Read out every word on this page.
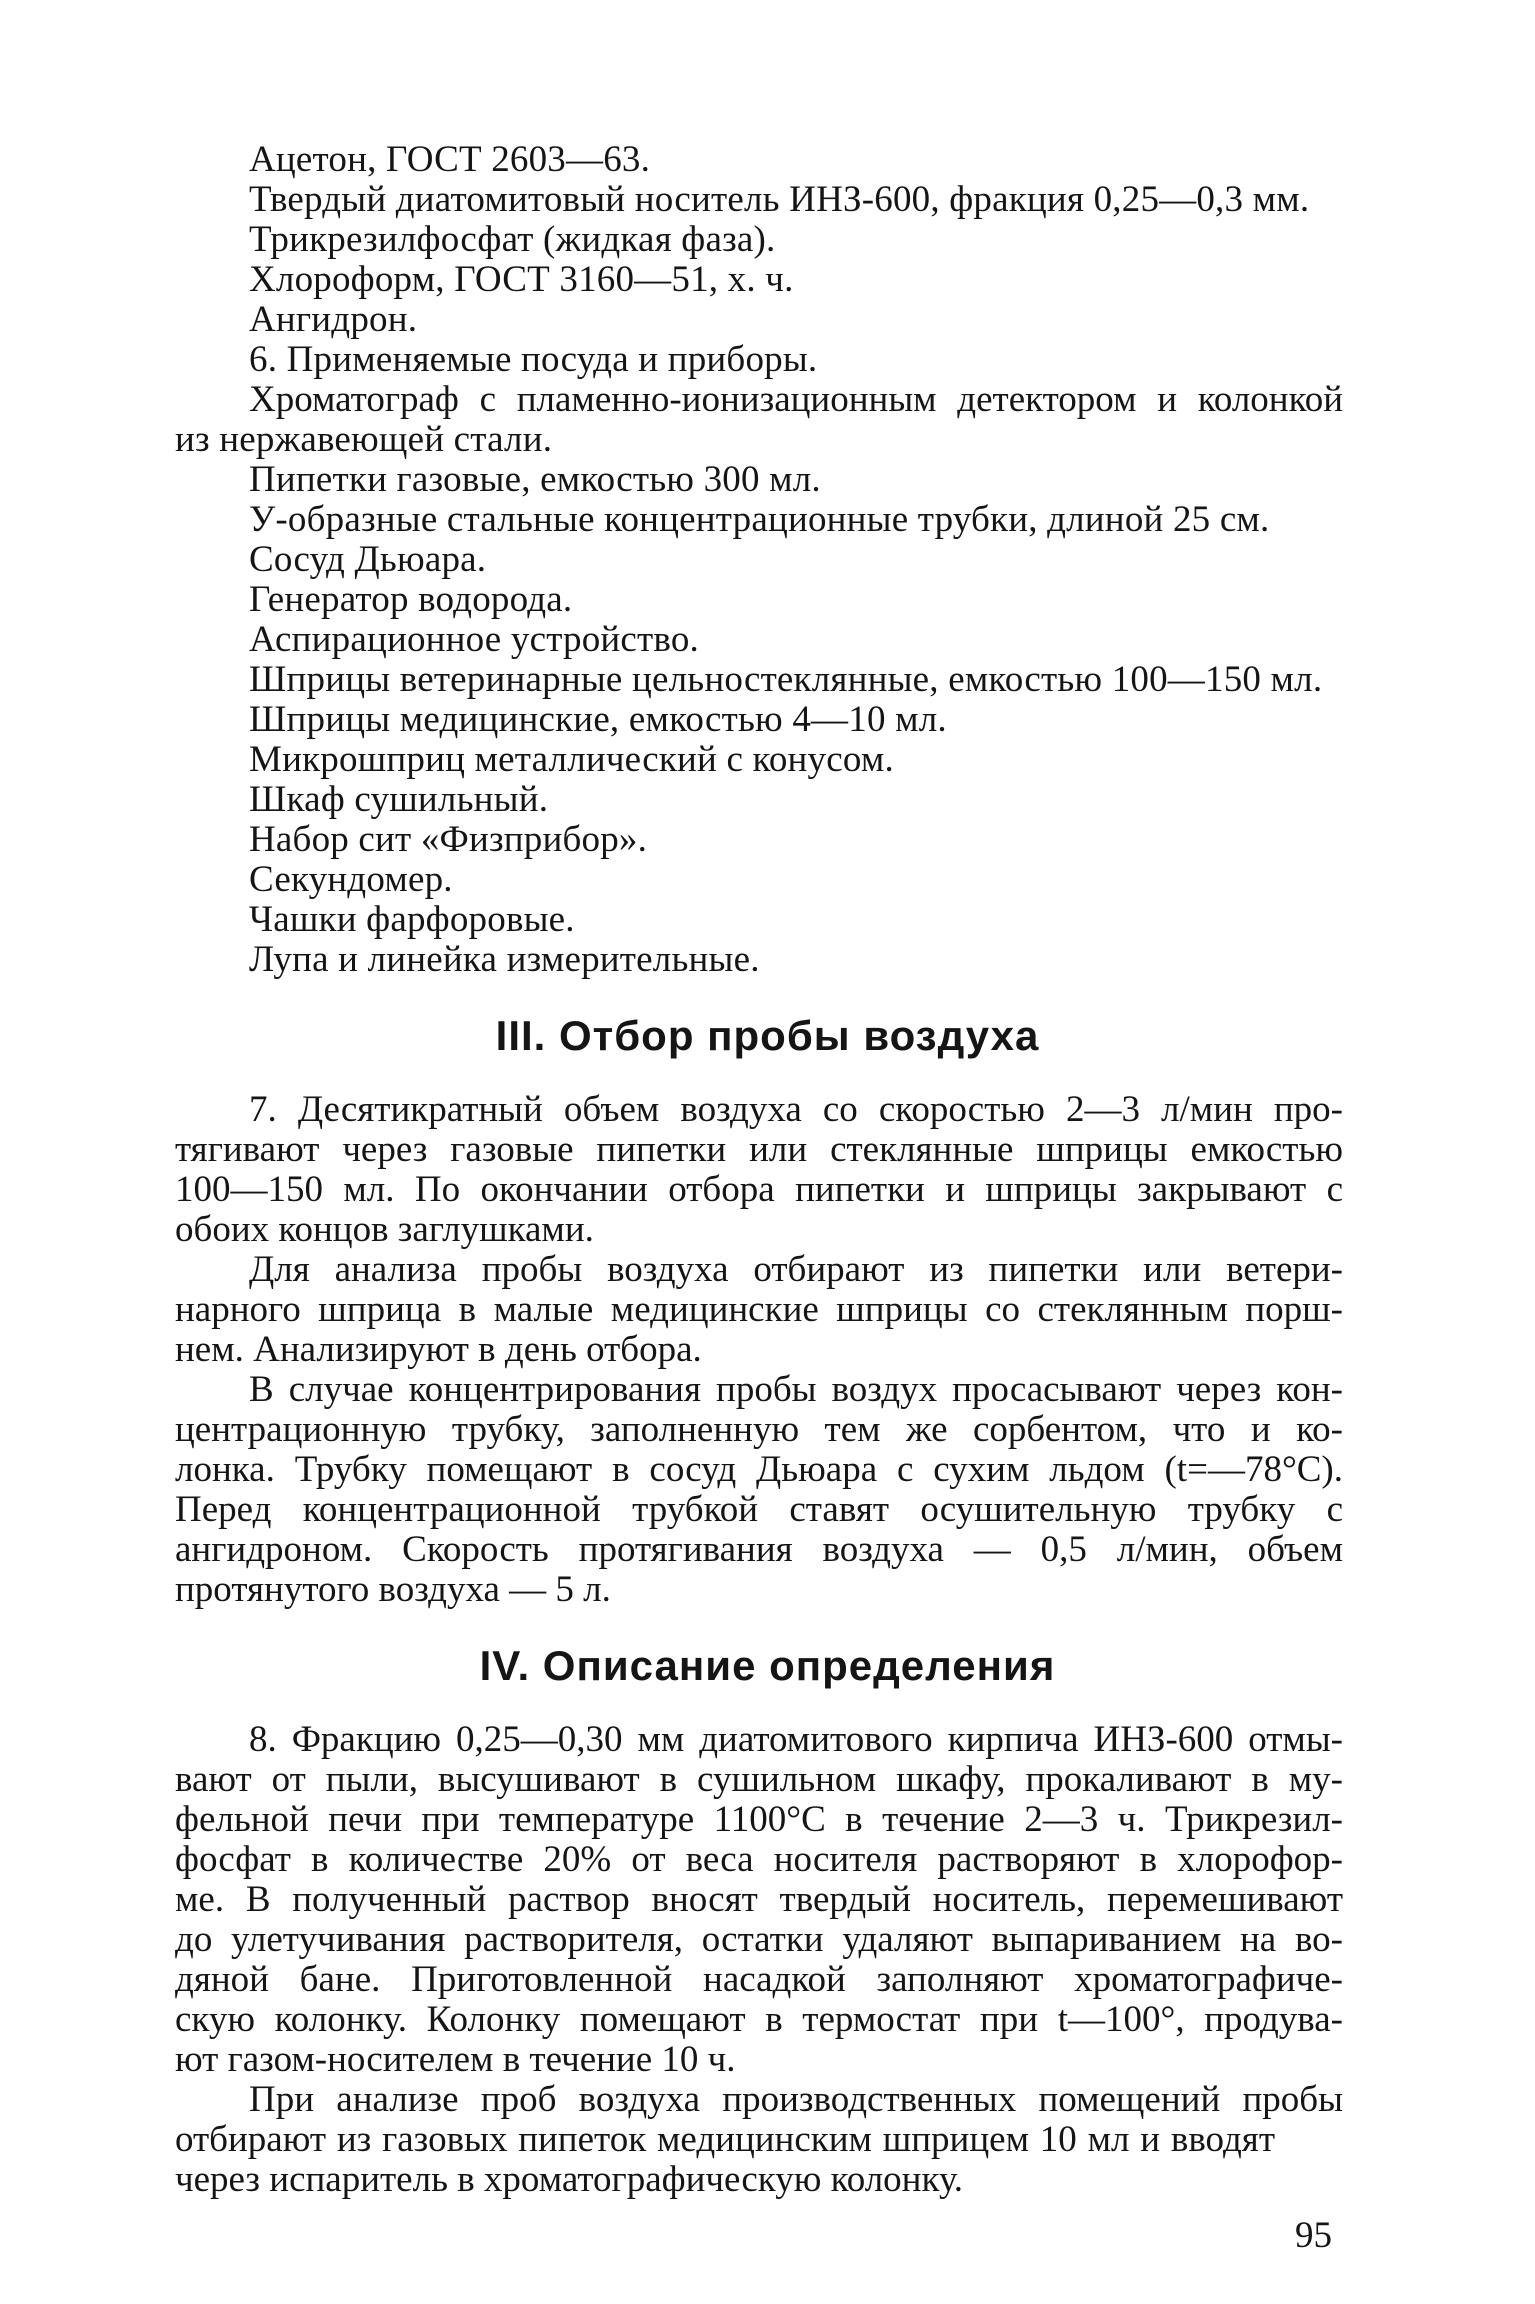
Ацетон, ГОСТ 2603—63.
Твердый диатомитовый носитель ИНЗ-600, фракция 0,25—0,3 мм.
Трикрезилфосфат (жидкая фаза).
Хлороформ, ГОСТ 3160—51, х. ч.
Ангидрон.
6. Применяемые посуда и приборы.
Хроматограф с пламенно-ионизационным детектором и колонкой
из нержавеющей стали.
Пипетки газовые, емкостью 300 мл.
У-образные стальные концентрационные трубки, длиной 25 см.
Сосуд Дьюара.
Генератор водорода.
Аспирационное устройство.
Шприцы ветеринарные цельностеклянные, емкостью 100—150 мл.
Шприцы медицинские, емкостью 4—10 мл.
Микрошприц металлический с конусом.
Шкаф сушильный.
Набор сит «Физприбор».
Секундомер.
Чашки фарфоровые.
Лупа и линейка измерительные.
III. Отбор пробы воздуха
7. Десятикратный объем воздуха со скоростью 2—3 л/мин про-
тягивают через газовые пипетки или стеклянные шприцы емкостью
100—150 мл. По окончании отбора пипетки и шприцы закрывают с
обоих концов заглушками.
Для анализа пробы воздуха отбирают из пипетки или ветери-
нарного шприца в малые медицинские шприцы со стеклянным порш-
нем. Анализируют в день отбора.
В случае концентрирования пробы воздух просасывают через кон-
центрационную трубку, заполненную тем же сорбентом, что и ко-
лонка. Трубку помещают в сосуд Дьюара с сухим льдом (t=—78°С).
Перед концентрационной трубкой ставят осушительную трубку с
ангидроном. Скорость протягивания воздуха — 0,5 л/мин, объем
протянутого воздуха — 5 л.
IV. Описание определения
8. Фракцию 0,25—0,30 мм диатомитового кирпича ИНЗ-600 отмы-
вают от пыли, высушивают в сушильном шкафу, прокаливают в му-
фельной печи при температуре 1100°С в течение 2—3 ч. Трикрезил-
фосфат в количестве 20% от веса носителя растворяют в хлорофор-
ме. В полученный раствор вносят твердый носитель, перемешивают
до улетучивания растворителя, остатки удаляют выпариванием на во-
дяной бане. Приготовленной насадкой заполняют хроматографиче-
скую колонку. Колонку помещают в термостат при t—100°, продува-
ют газом-носителем в течение 10 ч.
При анализе проб воздуха производственных помещений пробы
отбирают из газовых пипеток медицинским шприцем 10 мл и вводят
через испаритель в хроматографическую колонку.
95
